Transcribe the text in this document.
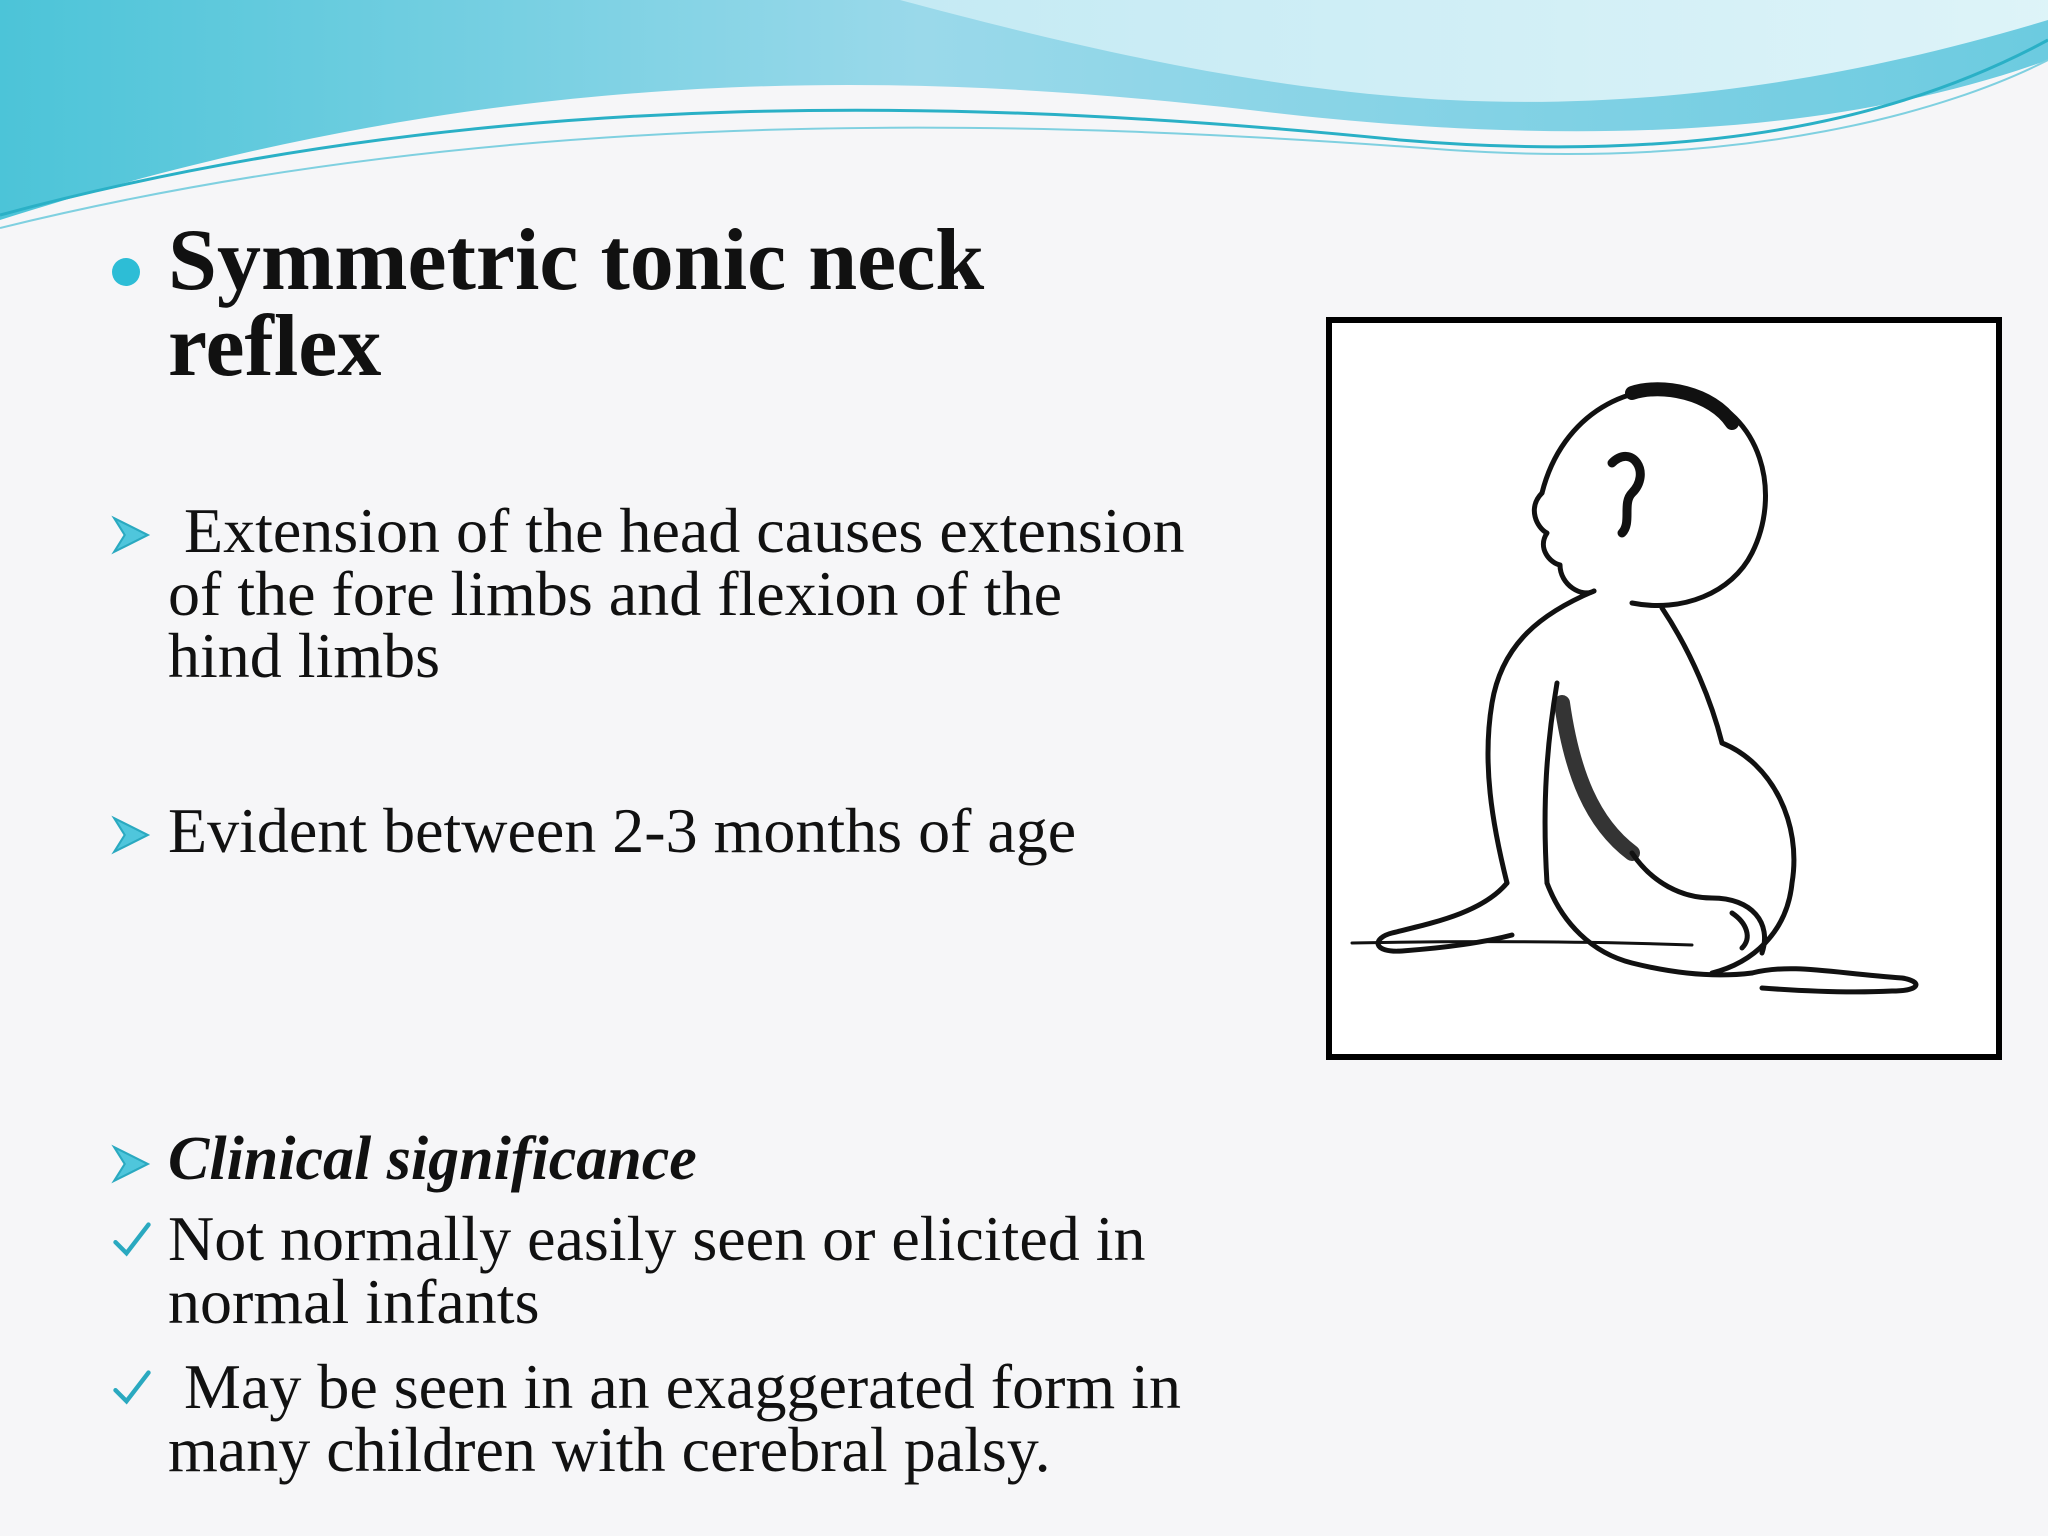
Symmetric tonic neck reflex
Extension of the head causes extension of the fore limbs and flexion of the hind limbs
Evident between 2-3 months of age
Clinical significance
Not normally easily seen or elicited in normal infants
May be seen in an exaggerated form in many children with cerebral palsy.
